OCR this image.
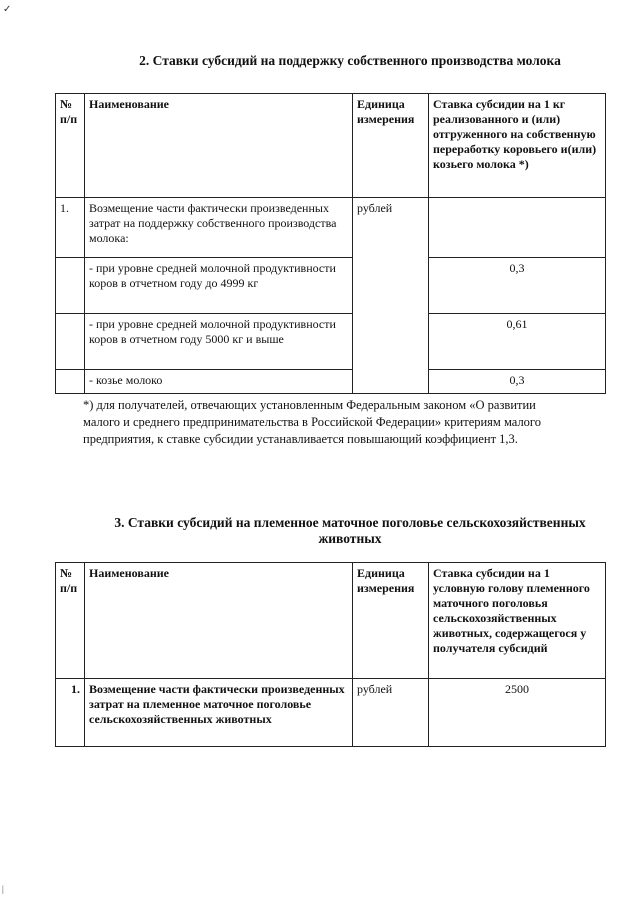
✓
|
2. Ставки субсидий на поддержку собственного производства молока
№ п/п	Наименование	Единица измерения	Ставка субсидии на 1 кг реализованного и (или) отгруженного на собственную переработку коровьего и(или) козьего молока *)
1.	Возмещение части фактически произведенных затрат на поддержку собственного производства молока:	рублей	
	- при уровне средней молочной продуктивности коров в отчетном году до 4999 кг		0,3
	- при уровне средней молочной продуктивности коров в отчетном году 5000 кг и выше		0,61
	- козье молоко		0,3
*) для получателей, отвечающих установленным Федеральным законом «О развитии
малого и среднего предпринимательства в Российской Федерации» критериям малого
предприятия, к ставке субсидии устанавливается повышающий коэффициент 1,3.
3. Ставки субсидий на племенное маточное поголовье сельскохозяйственных
животных
№ п/п	Наименование	Единица измерения	Ставка субсидии на 1 условную голову племенного маточного поголовья сельскохозяйственных животных, содержащегося у получателя субсидий
1.	Возмещение части фактически произведенных затрат на племенное маточное поголовье сельскохозяйственных животных	рублей	2500
